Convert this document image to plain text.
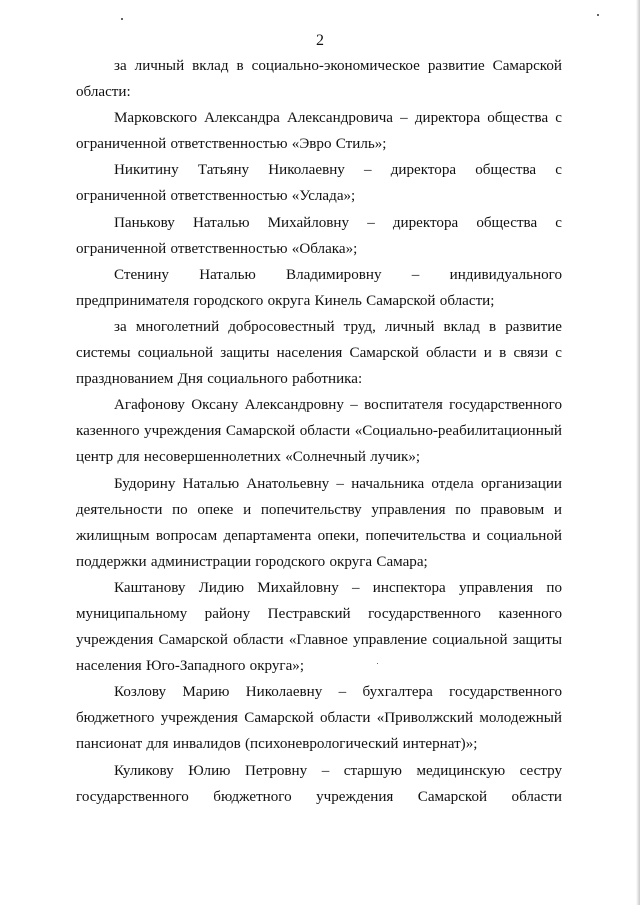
2

за личный вклад в социально-экономическое развитие Самарской области:

Марковского Александра Александровича – директора общества с ограниченной ответственностью «Эвро Стиль»;

Никитину Татьяну Николаевну – директора общества с ограниченной ответственностью «Услада»;

Панькову Наталью Михайловну – директора общества с ограниченной ответственностью «Облака»;

Стенину Наталью Владимировну – индивидуального предпринимателя городского округа Кинель Самарской области;

за многолетний добросовестный труд, личный вклад в развитие системы социальной защиты населения Самарской области и в связи с празднованием Дня социального работника:

Агафонову Оксану Александровну – воспитателя государственного казенного учреждения Самарской области «Социально-реабилитационный центр для несовершеннолетних «Солнечный лучик»;

Будорину Наталью Анатольевну – начальника отдела организации деятельности по опеке и попечительству управления по правовым и жилищным вопросам департамента опеки, попечительства и социальной поддержки администрации городского округа Самара;

Каштанову Лидию Михайловну – инспектора управления по муниципальному району Пестравский государственного казенного учреждения Самарской области «Главное управление социальной защиты населения Юго-Западного округа»;

Козлову Марию Николаевну – бухгалтера государственного бюджетного учреждения Самарской области «Приволжский молодежный пансионат для инвалидов (психоневрологический интернат)»;

Куликову Юлию Петровну – старшую медицинскую сестру государственного бюджетного учреждения Самарской области
